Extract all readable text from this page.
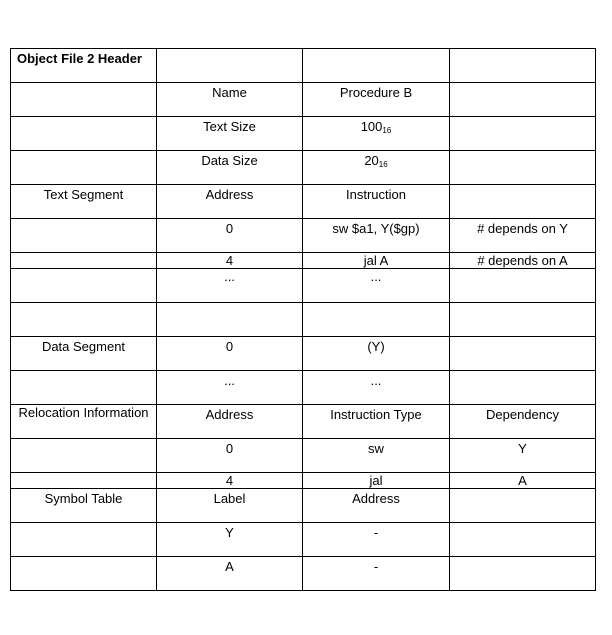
Object File 2 Header			

	Name	Procedure B	

	Text Size	$100_{16}$

	Data Size	$20_{16}$

Text Segment	Address	Instruction	

	0	sw $a1, Y($gp)	# depends on Y

	4	jal A	# depends on A

	...	...	

Data Segment	0	(Y)	

	...	...	

Relocation Information	Address	Instruction Type	Dependency

	0	sw	Y

	4	jal	A

Symbol Table	Label	Address	

	Y	-	

	A	-	
